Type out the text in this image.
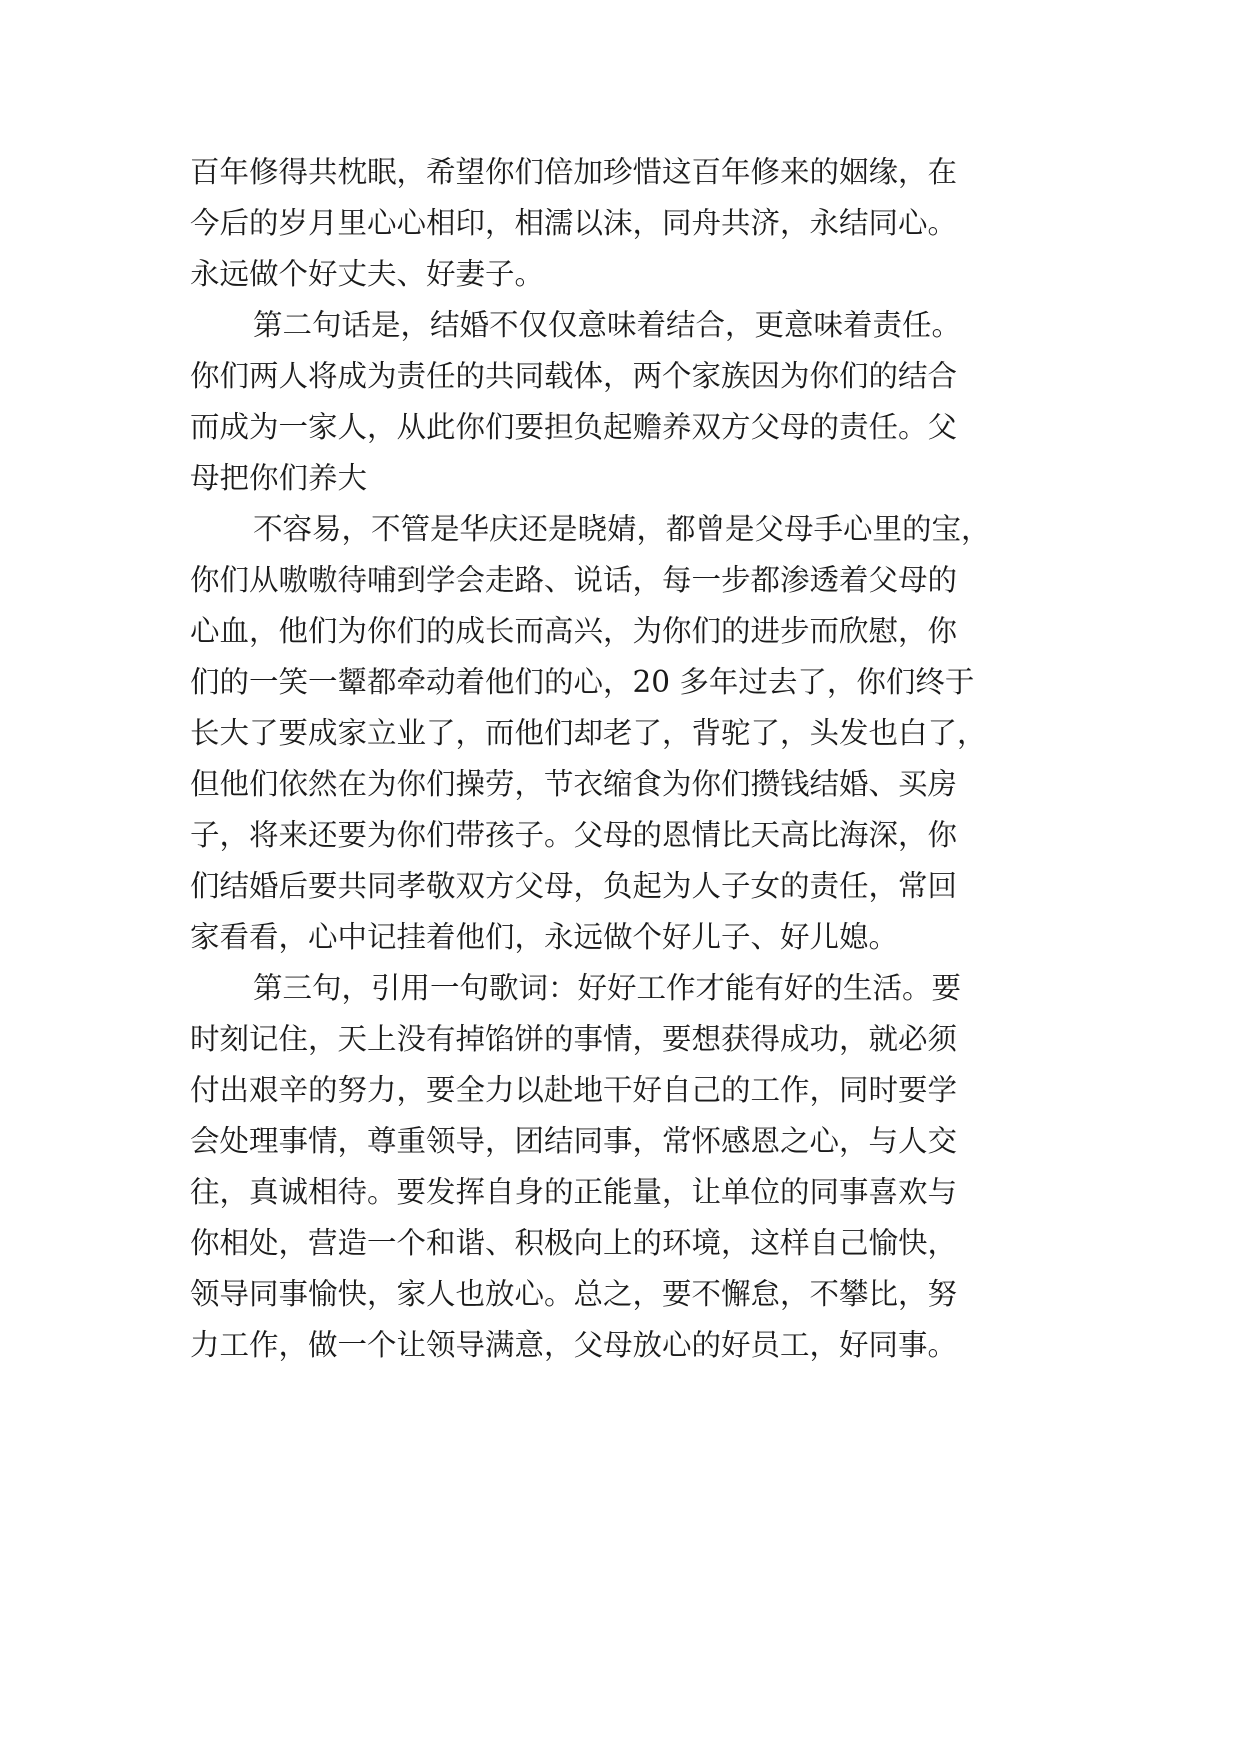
百年修得共枕眠，希望你们倍加珍惜这百年修来的姻缘，在
今后的岁月里心心相印，相濡以沫，同舟共济，永结同心。
永远做个好丈夫、好妻子。
第二句话是，结婚不仅仅意味着结合，更意味着责任。
你们两人将成为责任的共同载体，两个家族因为你们的结合
而成为一家人，从此你们要担负起赡养双方父母的责任。父
母把你们养大
不容易，不管是华庆还是晓婧，都曾是父母手心里的宝，
你们从嗷嗷待哺到学会走路、说话，每一步都渗透着父母的
心血，他们为你们的成长而高兴，为你们的进步而欣慰，你
们的一笑一颦都牵动着他们的心，20 多年过去了，你们终于
长大了要成家立业了，而他们却老了，背驼了，头发也白了，
但他们依然在为你们操劳，节衣缩食为你们攒钱结婚、买房
子，将来还要为你们带孩子。父母的恩情比天高比海深，你
们结婚后要共同孝敬双方父母，负起为人子女的责任，常回
家看看，心中记挂着他们，永远做个好儿子、好儿媳。
第三句，引用一句歌词：好好工作才能有好的生活。要
时刻记住，天上没有掉馅饼的事情，要想获得成功，就必须
付出艰辛的努力，要全力以赴地干好自己的工作，同时要学
会处理事情，尊重领导，团结同事，常怀感恩之心，与人交
往，真诚相待。要发挥自身的正能量，让单位的同事喜欢与
你相处，营造一个和谐、积极向上的环境，这样自己愉快，
领导同事愉快，家人也放心。总之，要不懈怠，不攀比，努
力工作，做一个让领导满意，父母放心的好员工，好同事。
